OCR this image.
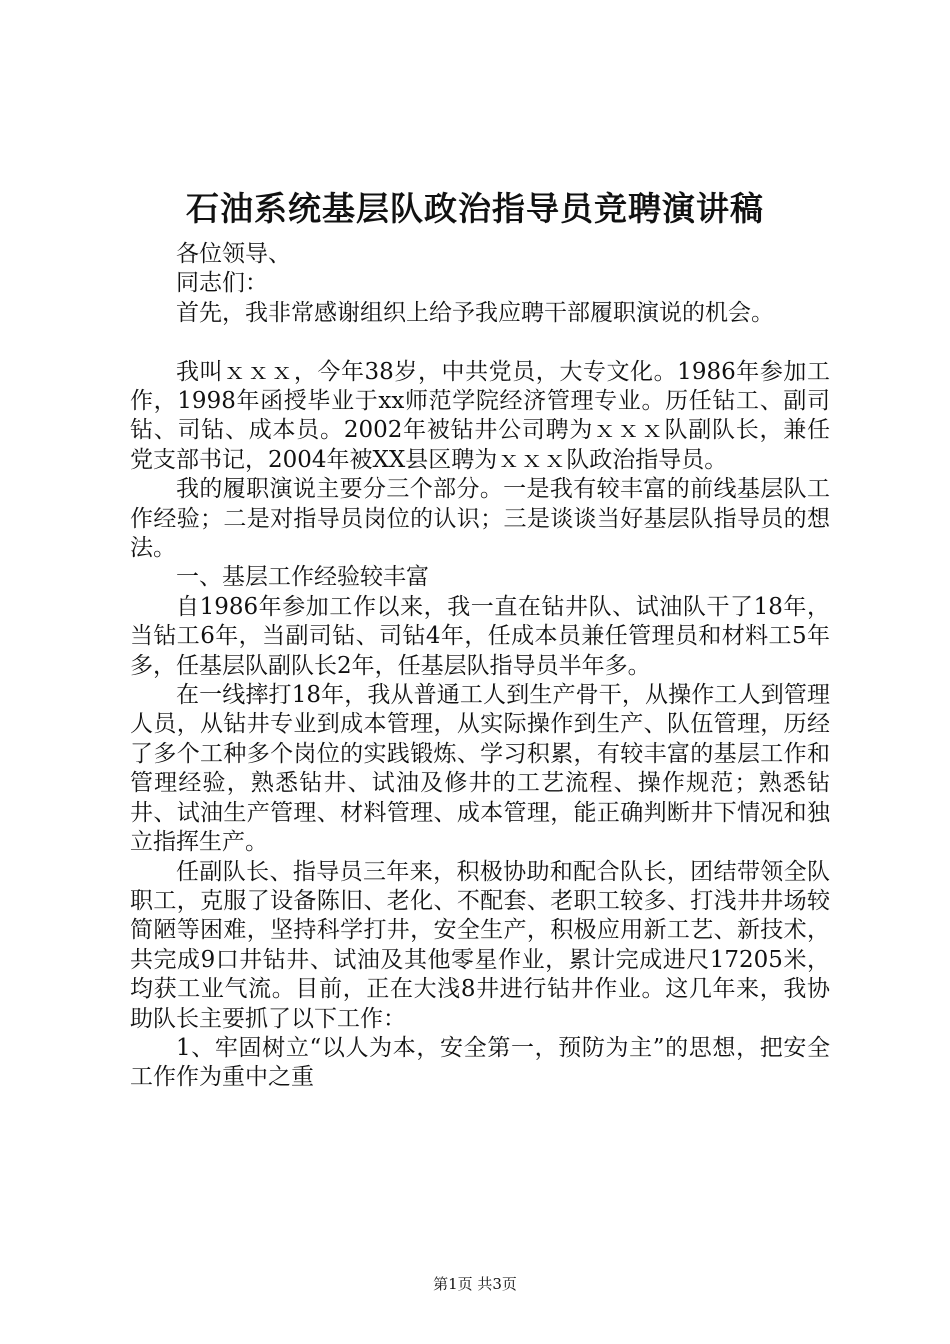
石油系统基层队政治指导员竞聘演讲稿

各位领导、

同志们：

首先，我非常感谢组织上给予我应聘干部履职演说的机会。

我叫ｘｘｘ，今年38岁，中共党员，大专文化。1986年参加工作，1998年函授毕业于xx师范学院经济管理专业。历任钻工、副司钻、司钻、成本员。2002年被钻井公司聘为ｘｘｘ队副队长，兼任党支部书记，2004年被XX县区聘为ｘｘｘ队政治指导员。

我的履职演说主要分三个部分。一是我有较丰富的前线基层队工作经验；二是对指导员岗位的认识；三是谈谈当好基层队指导员的想法。

一、基层工作经验较丰富

自1986年参加工作以来，我一直在钻井队、试油队干了18年，当钻工6年，当副司钻、司钻4年，任成本员兼任管理员和材料工5年多，任基层队副队长2年，任基层队指导员半年多。

在一线摔打18年，我从普通工人到生产骨干，从操作工人到管理人员，从钻井专业到成本管理，从实际操作到生产、队伍管理，历经了多个工种多个岗位的实践锻炼、学习积累，有较丰富的基层工作和管理经验，熟悉钻井、试油及修井的工艺流程、操作规范；熟悉钻井、试油生产管理、材料管理、成本管理，能正确判断井下情况和独立指挥生产。

任副队长、指导员三年来，积极协助和配合队长，团结带领全队职工，克服了设备陈旧、老化、不配套、老职工较多、打浅井井场较简陋等困难，坚持科学打井，安全生产，积极应用新工艺、新技术，共完成9口井钻井、试油及其他零星作业，累计完成进尺17205米，均获工业气流。目前，正在大浅8井进行钻井作业。这几年来，我协助队长主要抓了以下工作：

1、牢固树立“以人为本，安全第一，预防为主”的思想，把安全工作作为重中之重

第1页 共3页
